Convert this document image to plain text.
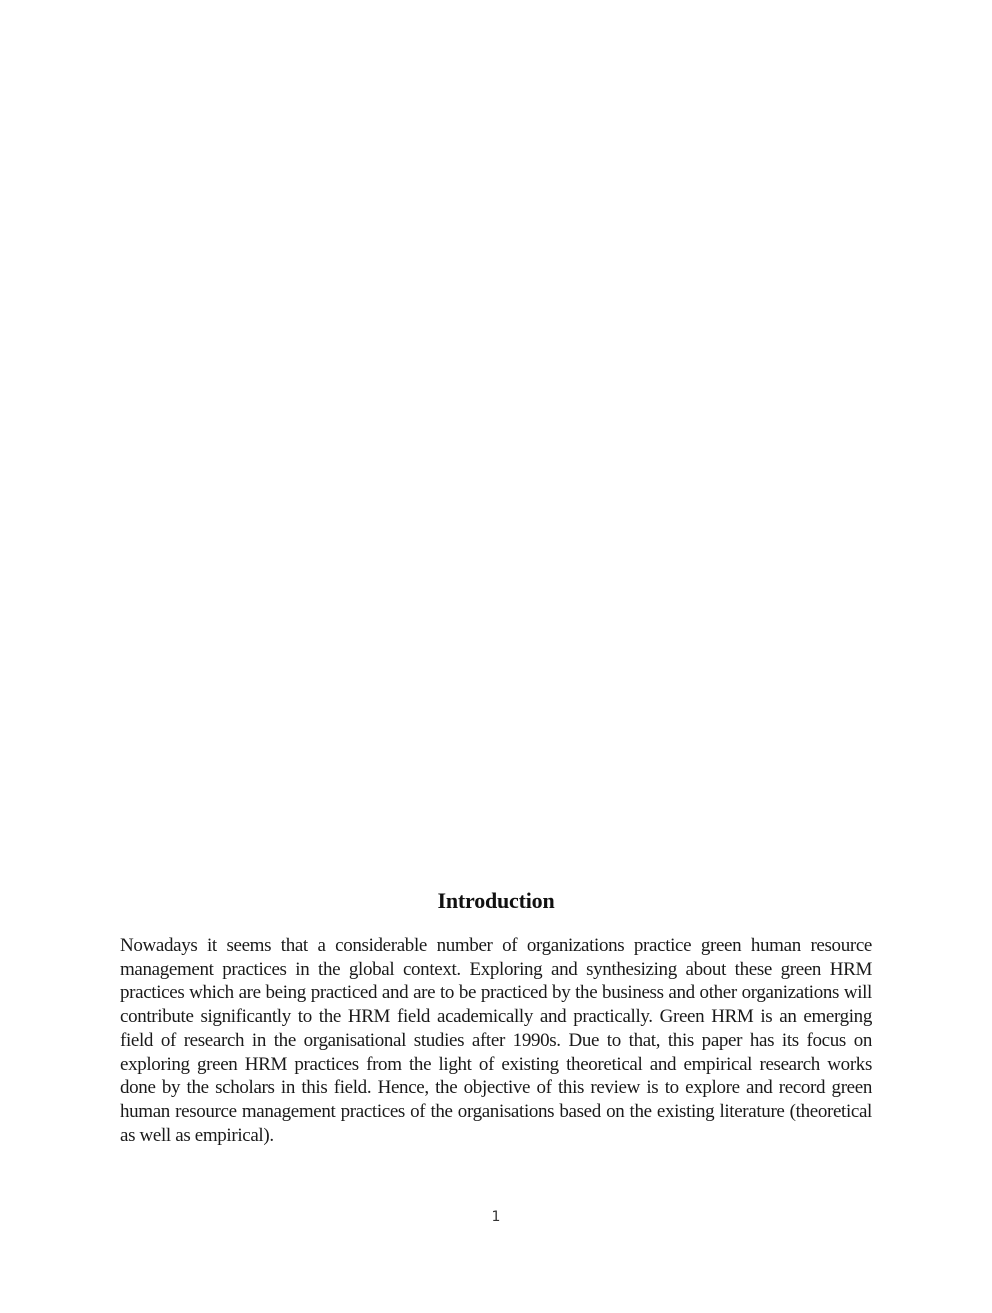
Introduction

Nowadays it seems that a considerable number of organizations practice green human resource management practices in the global context. Exploring and synthesizing about these green HRM practices which are being practiced and are to be practiced by the business and other organizations will contribute significantly to the HRM field academically and practically. Green HRM is an emerging field of research in the organisational studies after 1990s. Due to that, this paper has its focus on exploring green HRM practices from the light of existing theoretical and empirical research works done by the scholars in this field. Hence, the objective of this review is to explore and record green human resource management practices of the organisations based on the existing literature (theoretical as well as empirical).

1
